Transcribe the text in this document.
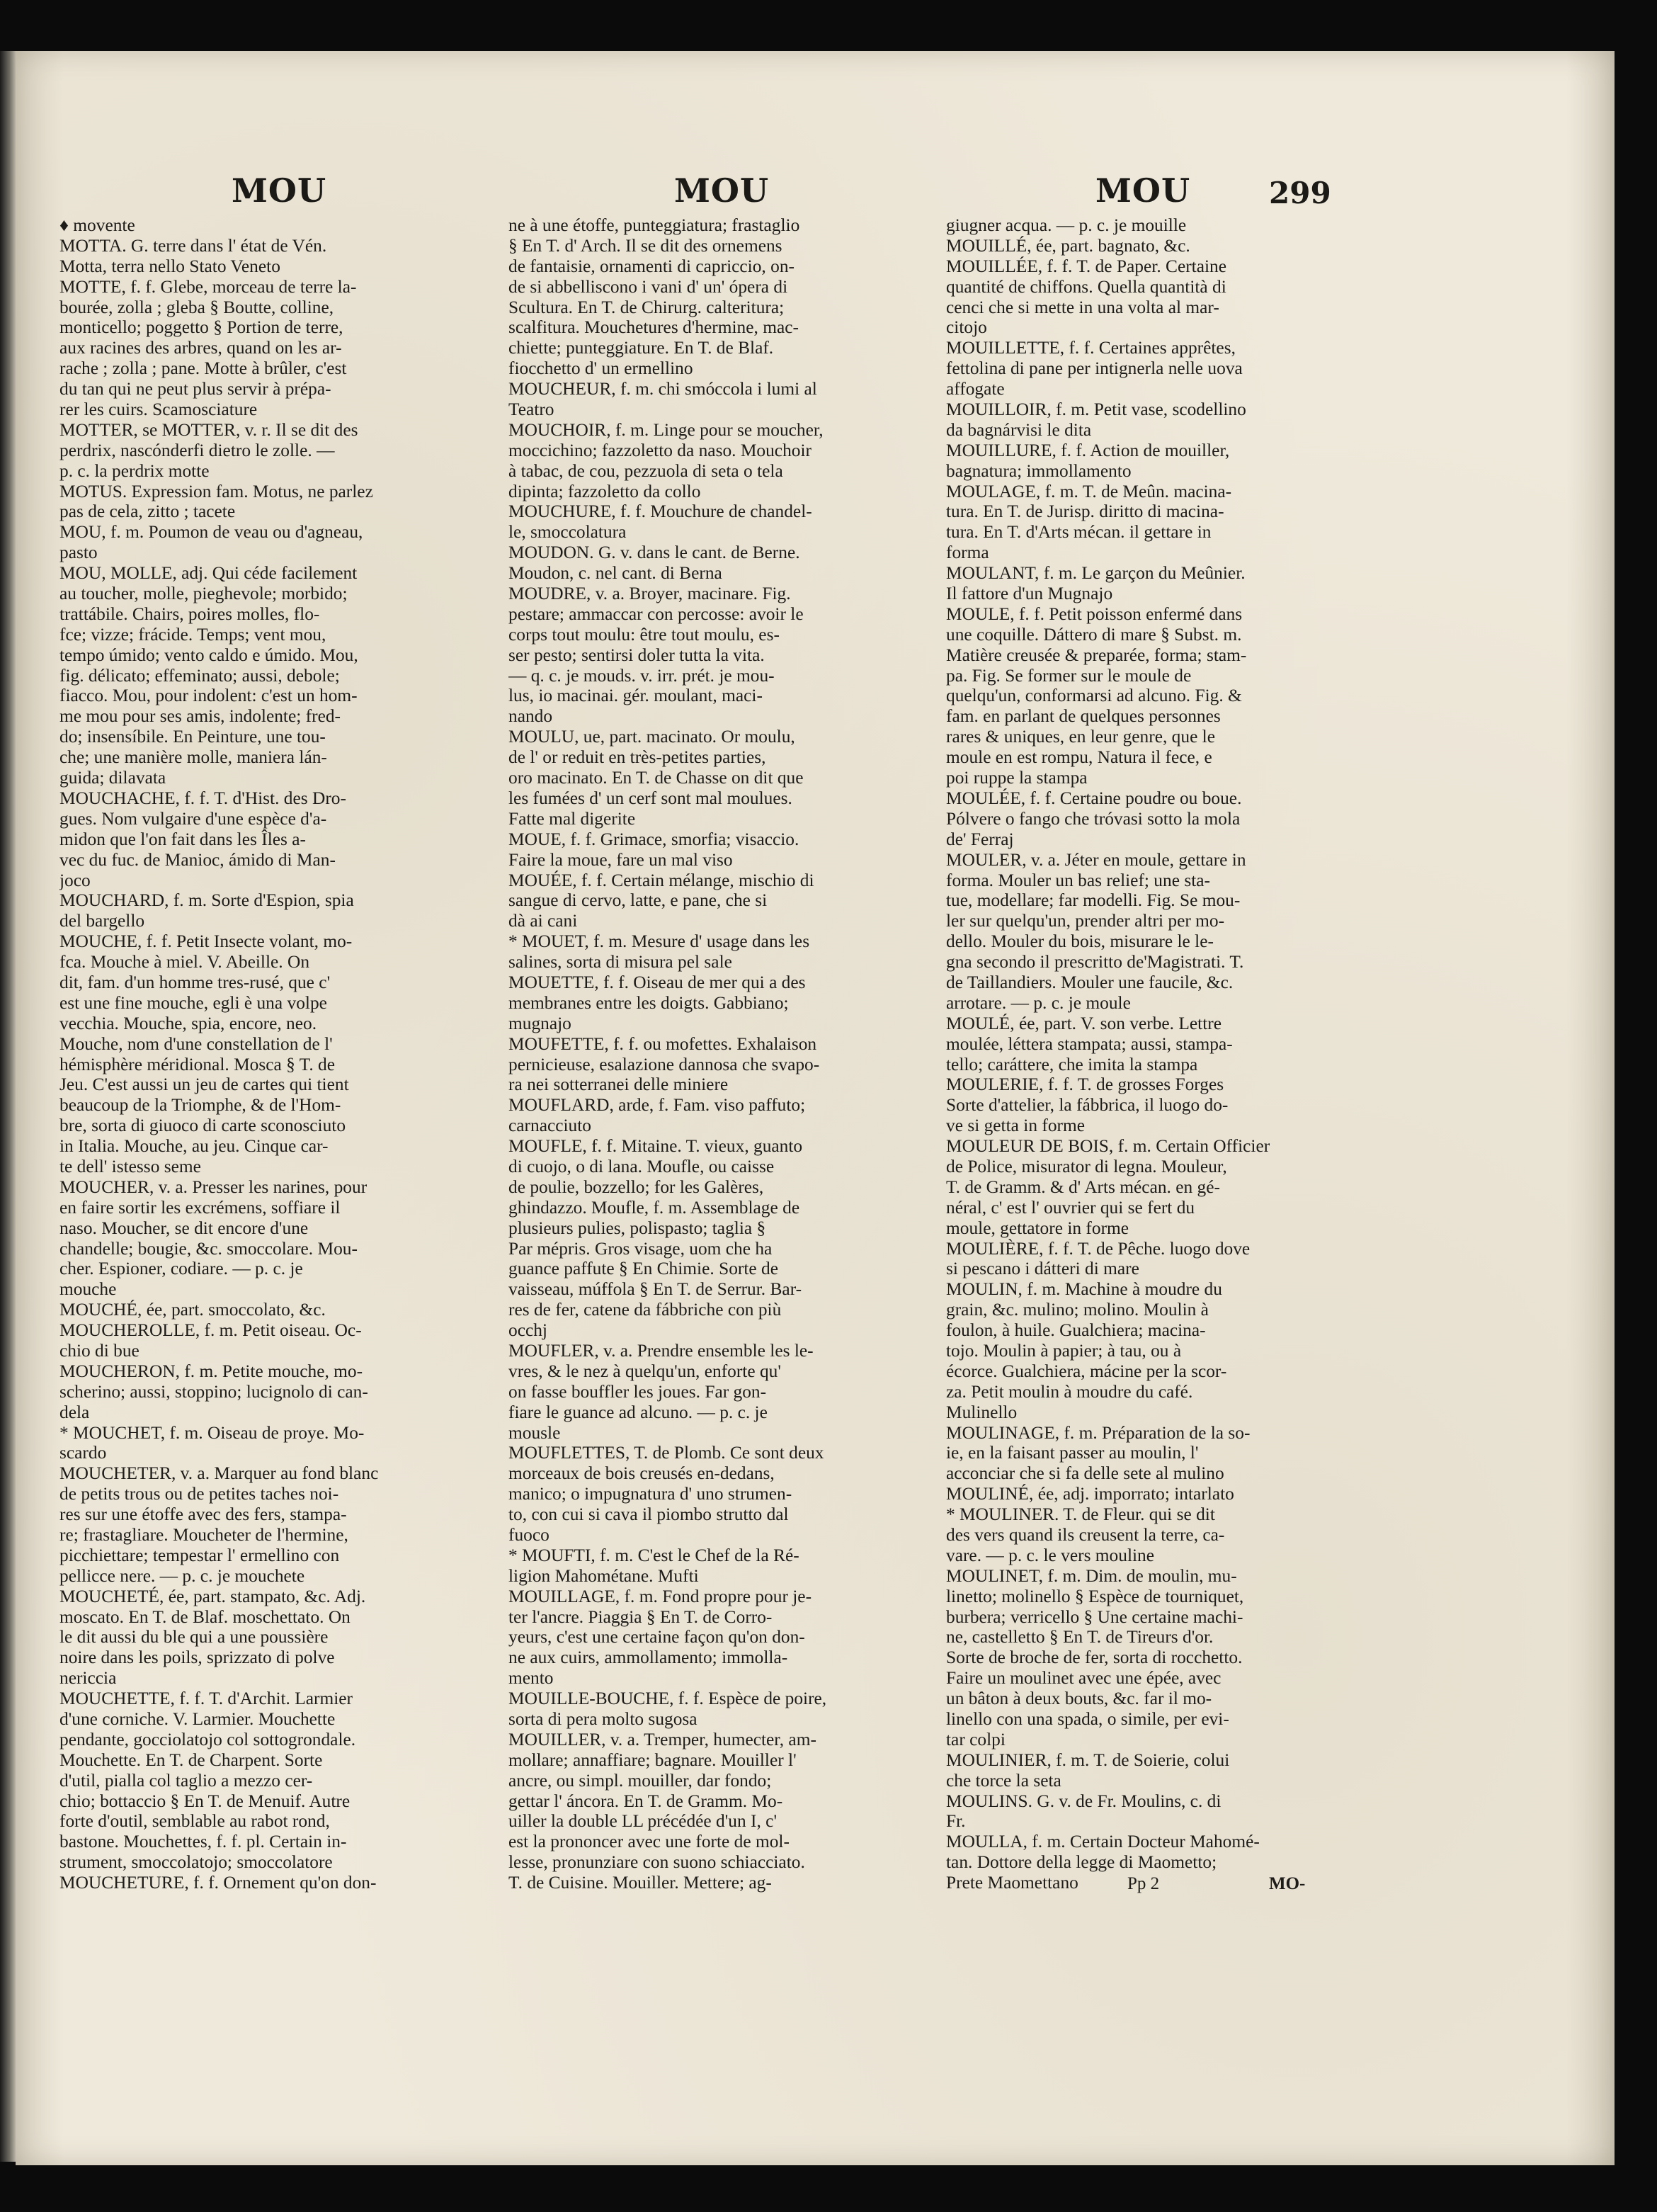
MOU	MOU	MOU	299
♦ movente
MOTTA. G. terre dans l' état de Vén.
Motta, terra nello Stato Veneto
MOTTE, f. f. Glebe, morceau de terre la-
bourée, zolla ; gleba § Boutte, colline,
monticello; poggetto § Portion de terre,
aux racines des arbres, quand on les ar-
rache ; zolla ; pane. Motte à brûler, c'est
du tan qui ne peut plus servir à prépa-
rer les cuirs. Scamosciature
MOTTER, se MOTTER, v. r. Il se dit des
perdrix, nascónderfi dietro le zolle. —
p. c. la perdrix motte
MOTUS. Expression fam. Motus, ne parlez
pas de cela, zitto ; tacete
MOU, f. m. Poumon de veau ou d'agneau,
pasto
MOU, MOLLE, adj. Qui céde facilement
au toucher, molle, pieghevole; morbido;
trattábile. Chairs, poires molles, flo-
fce; vizze; frácide. Temps; vent mou,
tempo úmido; vento caldo e úmido. Mou,
fig. délicato; effeminato; aussi, debole;
fiacco. Mou, pour indolent: c'est un hom-
me mou pour ses amis, indolente; fred-
do; insensíbile. En Peinture, une tou-
che; une manière molle, maniera lán-
guida; dilavata
MOUCHACHE, f. f. T. d'Hist. des Dro-
gues. Nom vulgaire d'une espèce d'a-
midon que l'on fait dans les Îles a-
vec du fuc. de Manioc, ámido di Man-
joco
MOUCHARD, f. m. Sorte d'Espion, spia
del bargello
MOUCHE, f. f. Petit Insecte volant, mo-
fca. Mouche à miel. V. Abeille. On
dit, fam. d'un homme tres-rusé, que c'
est une fine mouche, egli è una volpe
vecchia. Mouche, spia, encore, neo.
Mouche, nom d'une constellation de l'
hémisphère méridional. Mosca § T. de
Jeu. C'est aussi un jeu de cartes qui tient
beaucoup de la Triomphe, & de l'Hom-
bre, sorta di giuoco di carte sconosciuto
in Italia. Mouche, au jeu. Cinque car-
te dell' istesso seme
MOUCHER, v. a. Presser les narines, pour
en faire sortir les excrémens, soffiare il
naso. Moucher, se dit encore d'une
chandelle; bougie, &c. smoccolare. Mou-
cher. Espioner, codiare. — p. c. je
mouche
MOUCHÉ, ée, part. smoccolato, &c.
MOUCHEROLLE, f. m. Petit oiseau. Oc-
chio di bue
MOUCHERON, f. m. Petite mouche, mo-
scherino; aussi, stoppino; lucignolo di can-
dela
* MOUCHET, f. m. Oiseau de proye. Mo-
scardo
MOUCHETER, v. a. Marquer au fond blanc
de petits trous ou de petites taches noi-
res sur une étoffe avec des fers, stampa-
re; frastagliare. Moucheter de l'hermine,
picchiettare; tempestar l' ermellino con
pellicce nere. — p. c. je mouchete
MOUCHETÉ, ée, part. stampato, &c. Adj.
moscato. En T. de Blaf. moschettato. On
le dit aussi du ble qui a une poussière
noire dans les poils, sprizzato di polve
nericcia
MOUCHETTE, f. f. T. d'Archit. Larmier
d'une corniche. V. Larmier. Mouchette
pendante, gocciolatojo col sottogrondale.
Mouchette. En T. de Charpent. Sorte
d'util, pialla col taglio a mezzo cer-
chio; bottaccio § En T. de Menuif. Autre
forte d'outil, semblable au rabot rond,
bastone. Mouchettes, f. f. pl. Certain in-
strument, smoccolatojo; smoccolatore
MOUCHETURE, f. f. Ornement qu'on don-
ne à une étoffe, punteggiatura; frastaglio
§ En T. d' Arch. Il se dit des ornemens
de fantaisie, ornamenti di capriccio, on-
de si abbelliscono i vani d' un' ópera di
Scultura. En T. de Chirurg. calteritura;
scalfitura. Mouchetures d'hermine, mac-
chiette; punteggiature. En T. de Blaf.
fiocchetto d' un ermellino
MOUCHEUR, f. m. chi smóccola i lumi al
Teatro
MOUCHOIR, f. m. Linge pour se moucher,
moccichino; fazzoletto da naso. Mouchoir
à tabac, de cou, pezzuola di seta o tela
dipinta; fazzoletto da collo
MOUCHURE, f. f. Mouchure de chandel-
le, smoccolatura
MOUDON. G. v. dans le cant. de Berne.
Moudon, c. nel cant. di Berna
MOUDRE, v. a. Broyer, macinare. Fig.
pestare; ammaccar con percosse: avoir le
corps tout moulu: être tout moulu, es-
ser pesto; sentirsi doler tutta la vita.
— q. c. je mouds. v. irr. prét. je mou-
lus, io macinai. gér. moulant, maci-
nando
MOULU, ue, part. macinato. Or moulu,
de l' or reduit en très-petites parties,
oro macinato. En T. de Chasse on dit que
les fumées d' un cerf sont mal moulues.
Fatte mal digerite
MOUE, f. f. Grimace, smorfia; visaccio.
Faire la moue, fare un mal viso
MOUÉE, f. f. Certain mélange, mischio di
sangue di cervo, latte, e pane, che si
dà ai cani
* MOUET, f. m. Mesure d' usage dans les
salines, sorta di misura pel sale
MOUETTE, f. f. Oiseau de mer qui a des
membranes entre les doigts. Gabbiano;
mugnajo
MOUFETTE, f. f. ou mofettes. Exhalaison
pernicieuse, esalazione dannosa che svapo-
ra nei sotterranei delle miniere
MOUFLARD, arde, f. Fam. viso paffuto;
carnacciuto
MOUFLE, f. f. Mitaine. T. vieux, guanto
di cuojo, o di lana. Moufle, ou caisse
de poulie, bozzello; for les Galères,
ghindazzo. Moufle, f. m. Assemblage de
plusieurs pulies, polispasto; taglia §
Par mépris. Gros visage, uom che ha
guance paffute § En Chimie. Sorte de
vaisseau, múffola § En T. de Serrur. Bar-
res de fer, catene da fábbriche con più
occhj
MOUFLER, v. a. Prendre ensemble les le-
vres, & le nez à quelqu'un, enforte qu'
on fasse bouffler les joues. Far gon-
fiare le guance ad alcuno. — p. c. je
mousle
MOUFLETTES, T. de Plomb. Ce sont deux
morceaux de bois creusés en-dedans,
manico; o impugnatura d' uno strumen-
to, con cui si cava il piombo strutto dal
fuoco
* MOUFTI, f. m. C'est le Chef de la Ré-
ligion Mahométane. Mufti
MOUILLAGE, f. m. Fond propre pour je-
ter l'ancre. Piaggia § En T. de Corro-
yeurs, c'est une certaine façon qu'on don-
ne aux cuirs, ammollamento; immolla-
mento
MOUILLE-BOUCHE, f. f. Espèce de poire,
sorta di pera molto sugosa
MOUILLER, v. a. Tremper, humecter, am-
mollare; annaffiare; bagnare. Mouiller l'
ancre, ou simpl. mouiller, dar fondo;
gettar l' áncora. En T. de Gramm. Mo-
uiller la double LL précédée d'un I, c'
est la prononcer avec une forte de mol-
lesse, pronunziare con suono schiacciato.
T. de Cuisine. Mouiller. Mettere; ag-
giugner acqua. — p. c. je mouille
MOUILLÉ, ée, part. bagnato, &c.
MOUILLÉE, f. f. T. de Paper. Certaine
quantité de chiffons. Quella quantità di
cenci che si mette in una volta al mar-
citojo
MOUILLETTE, f. f. Certaines apprêtes,
fettolina di pane per intignerla nelle uova
affogate
MOUILLOIR, f. m. Petit vase, scodellino
da bagnárvisi le dita
MOUILLURE, f. f. Action de mouiller,
bagnatura; immollamento
MOULAGE, f. m. T. de Meûn. macina-
tura. En T. de Jurisp. diritto di macina-
tura. En T. d'Arts mécan. il gettare in
forma
MOULANT, f. m. Le garçon du Meûnier.
Il fattore d'un Mugnajo
MOULE, f. f. Petit poisson enfermé dans
une coquille. Dáttero di mare § Subst. m.
Matière creusée & preparée, forma; stam-
pa. Fig. Se former sur le moule de
quelqu'un, conformarsi ad alcuno. Fig. &
fam. en parlant de quelques personnes
rares & uniques, en leur genre, que le
moule en est rompu, Natura il fece, e
poi ruppe la stampa
MOULÉE, f. f. Certaine poudre ou boue.
Pólvere o fango che tróvasi sotto la mola
de' Ferraj
MOULER, v. a. Jéter en moule, gettare in
forma. Mouler un bas relief; une sta-
tue, modellare; far modelli. Fig. Se mou-
ler sur quelqu'un, prender altri per mo-
dello. Mouler du bois, misurare le le-
gna secondo il prescritto de'Magistrati. T.
de Taillandiers. Mouler une faucile, &c.
arrotare. — p. c. je moule
MOULÉ, ée, part. V. son verbe. Lettre
moulée, léttera stampata; aussi, stampa-
tello; caráttere, che imita la stampa
MOULERIE, f. f. T. de grosses Forges
Sorte d'attelier, la fábbrica, il luogo do-
ve si getta in forme
MOULEUR DE BOIS, f. m. Certain Officier
de Police, misurator di legna. Mouleur,
T. de Gramm. & d' Arts mécan. en gé-
néral, c' est l' ouvrier qui se fert du
moule, gettatore in forme
MOULIÈRE, f. f. T. de Pêche. luogo dove
si pescano i dátteri di mare
MOULIN, f. m. Machine à moudre du
grain, &c. mulino; molino. Moulin à
foulon, à huile. Gualchiera; macina-
tojo. Moulin à papier; à tau, ou à
écorce. Gualchiera, mácine per la scor-
za. Petit moulin à moudre du café.
Mulinello
MOULINAGE, f. m. Préparation de la so-
ie, en la faisant passer au moulin, l'
acconciar che si fa delle sete al mulino
MOULINÉ, ée, adj. imporrato; intarlato
* MOULINER. T. de Fleur. qui se dit
des vers quand ils creusent la terre, ca-
vare. — p. c. le vers mouline
MOULINET, f. m. Dim. de moulin, mu-
linetto; molinello § Espèce de tourniquet,
burbera; verricello § Une certaine machi-
ne, castelletto § En T. de Tireurs d'or.
Sorte de broche de fer, sorta di rocchetto.
Faire un moulinet avec une épée, avec
un bâton à deux bouts, &c. far il mo-
linello con una spada, o simile, per evi-
tar colpi
MOULINIER, f. m. T. de Soierie, colui
che torce la seta
MOULINS. G. v. de Fr. Moulins, c. di
Fr.
MOULLA, f. m. Certain Docteur Mahomé-
tan. Dottore della legge di Maometto;
Prete Maomettano	Pp 2	MO-
